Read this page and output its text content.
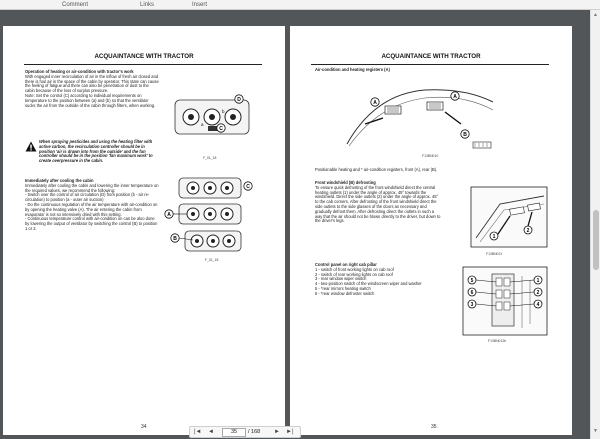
Comment	Links	Insert
ACQUAINTANCE WITH TRACTOR
Operation of heating or air-condition with tractor's work
With engaged inner recirculation of air in the inflow of fresh air closed and there is foul air in the space of the cabin by operator. This state can cause the feeling of fatigue and there can also be penetration of dust to the cabin because of the loss of surplus pressure.
Note: Set the control (C) according to individual requirements on temperature to the position between (a) and (b) so that the ventilator sucks the air from the outside of the cabin through filters, when working.
When spraying pesticides and using the heating filter with active carbon, the recirculation controller should be in position 'air is drawn into from the outside' and the fan controller should be in the position 'fan maximum work' to create overpressure in the cabin.
Immediately after cooling the cabin
Immediately after cooling the cabin and lowering the inner temperature on the required values, we recommend the following:
- Switch over the control of air circulation (D) from position (b - air re-circulation) to position (a - outer air suction)
- Do the continuous regulation of the air temperature with air-condition on by opening the heating valve (A). The air entering the cabin from evaporator is not so intensively dried with this setting.
- Continuous temperature control with air-condition on can be also done by lowering the output of ventilator by switching the control (B) to position 1 or 2.
D
C
a
b
F_01_18
C
A
B
F_01_18
34
ACQUAINTANCE WITH TRACTOR
Air-condition and heating registers (A)
A
A
B
F13BN010
Positionable heating and * air-condition registers, front (A), rear (B).
Front windshield (B) defrosting
To ensure quick defrosting of the front windshield direct the central heating outlets (1) under the angle of approx. 45° towards the windshield. Direct the side outlets (2) under the angle of approx. 45° to the cab corners. After defrosting of the front windshield direct the side outlets to the side glasses of the doors as necessary and gradually defrost them. After defrosting direct the outlets in such a way that the air should not be blown directly to the driver, but down to the driver's legs.
1
2
F13BN011
Control panel on right cab pillar
1 - switch of front working lights on cab roof
2 - switch of rear working lights on cab roof
3 - rear window wiper switch
4 - two-position switch of the windscreen wiper and washer
5 - *rear mirrors heating switch
6 - *rear window defroster switch
5
6
3
1
2
4
F13BN012b
35
▲
▼
|◄ ◄	35	/ 168 ► ►|
